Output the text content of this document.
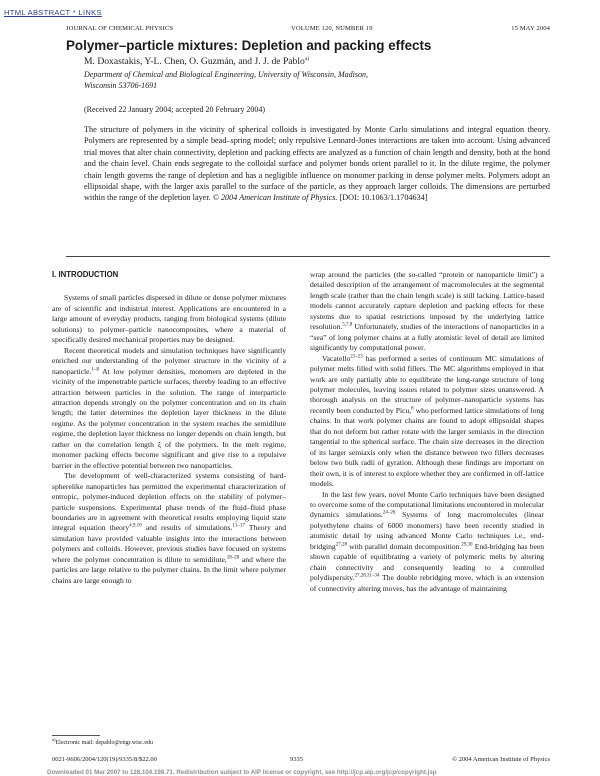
HTML ABSTRACT * LINKS
JOURNAL OF CHEMICAL PHYSICS	VOLUME 120, NUMBER 19	15 MAY 2004
Polymer–particle mixtures: Depletion and packing effects
M. Doxastakis, Y-L. Chen, O. Guzmán, and J. J. de Pablo$^{a)}$
Department of Chemical and Biological Engineering, University of Wisconsin, Madison,
Wisconsin 53706-1691
(Received 22 January 2004; accepted 20 February 2004)
The structure of polymers in the vicinity of spherical colloids is investigated by Monte Carlo simulations and integral equation theory. Polymers are represented by a simple bead–spring model; only repulsive Lennard-Jones interactions are taken into account. Using advanced trial moves that alter chain connectivity, depletion and packing effects are analyzed as a function of chain length and density, both at the bond and the chain level. Chain ends segregate to the colloidal surface and polymer bonds orient parallel to it. In the dilute regime, the polymer chain length governs the range of depletion and has a negligible influence on monomer packing in dense polymer melts. Polymers adopt an ellipsoidal shape, with the larger axis parallel to the surface of the particle, as they approach larger colloids. The dimensions are perturbed within the range of the depletion layer. © 2004 American Institute of Physics. [DOI: 10.1063/1.1704634]
I. INTRODUCTION

Systems of small particles dispersed in dilute or dense polymer mixtures are of scientific and industrial interest. Applications are encountered in a large amount of everyday products, ranging from biological systems (dilute solutions) to polymer–particle nanocomposites, where a material of specifically desired mechanical properties may be designed.

Recent theoretical models and simulation techniques have significantly enriched our understanding of the polymer structure in the vicinity of a nanoparticle.$^{1-8}$ At low polymer densities, monomers are depleted in the vicinity of the impenetrable particle surfaces, thereby leading to an effective attraction between particles in the solution. The range of interparticle attraction depends strongly on the polymer concentration and on its chain length; the latter determines the depletion layer thickness in the dilute regime. As the polymer concentration in the system reaches the semidilute regime, the depletion layer thickness no longer depends on chain length, but rather on the correlation length ξ of the polymers. In the melt regime, monomer packing effects become significant and give rise to a repulsive barrier in the effective potential between two nanoparticles.

The development of well-characterized systems consisting of hard-spherelike nanoparticles has permitted the experimental characterization of entropic, polymer-induced depletion effects on the stability of polymer–particle suspensions. Experimental phase trends of the fluid–fluid phase boundaries are in agreement with theoretical results employing liquid state integral equation theory$^{4,9,10}$ and results of simulations.$^{11-17}$ Theory and simulation have provided valuable insights into the interactions between polymers and colloids. However, previous studies have focused on systems where the polymer concentration is dilute to semidilute,$^{18-20}$ and where the particles are large relative to the polymer chains. In the limit where polymer chains are large enough to

wrap around the particles (the so-called “protein or nanoparticle limit”) a detailed description of the arrangement of macromolecules at the segmental length scale (rather than the chain length scale) is still lacking. Lattice-based models cannot accurately capture depletion and packing effects for these systems due to spatial restrictions imposed by the underlying lattice resolution.$^{5,7,8}$ Unfortunately, studies of the interactions of nanoparticles in a “sea” of long polymer chains at a fully atomistic level of detail are limited significantly by computational power.

Vacatello$^{21-23}$ has performed a series of continuum MC simulations of polymer melts filled with solid fillers. The MC algorithms employed in that work are only partially able to equilibrate the long-range structure of long polymer molecules, leaving issues related to polymer sizes unanswered. A thorough analysis on the structure of polymer–nanoparticle systems has recently been conducted by Picu,$^8$ who performed lattice simulations of long chains. In that work polymer chains are found to adopt ellipsoidal shapes that do not deform but rather rotate with the larger semiaxis in the direction tangential to the spherical surface. The chain size decreases in the direction of its larger semiaxis only when the distance between two fillers decreases below two bulk radii of gyration. Although these findings are important on their own, it is of interest to explore whether they are confirmed in off-lattice models.

In the last few years, novel Monte Carlo techniques have been designed to overcome some of the computational limitations encountered in molecular dynamics simulations.$^{24-26}$ Systems of long macromolecules (linear polyethylene chains of 6000 monomers) have been recently studied in atomistic detail by using advanced Monte Carlo techniques i.e., end-bridging$^{27,28}$ with parallel domain decomposition.$^{29,30}$ End-bridging has been shown capable of equilibrating a variety of polymeric melts by altering chain connectivity and consequently leading to a controlled polydispersity.$^{27,28,31-34}$ The double rebridging move, which is an extension of connectivity altering moves, has the advantage of maintaining

$^{a)}$Electronic mail: depablo@engr.wisc.edu
0021-9606/2004/120(19)/9335/8/$22.00	9335	© 2004 American Institute of Physics
Downloaded 01 Mar 2007 to 128.104.198.71. Redistribution subject to AIP license or copyright, see http://jcp.aip.org/jcp/copyright.jsp
